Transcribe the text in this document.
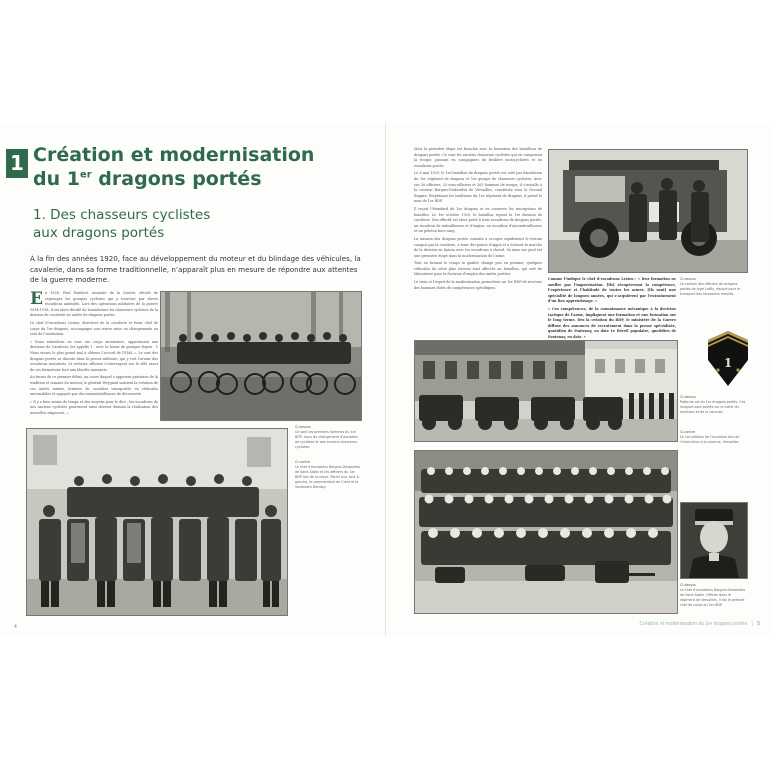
1 Création et modernisation
du 1er dragons portés
1. Des chasseurs cyclistes
aux dragons portés

À la fin des années 1920, face au développement du moteur et du blindage des véhicules, la cavalerie, dans sa forme traditionnelle, n’apparaît plus en mesure de répondre aux attentes de la guerre moderne.

En 1928, Paul Painlevé, ministre de la Guerre, décide de regrouper les groupes cyclistes qui y trouvent par divers escadrons amendés. Lors des opérations militaires de la guerre 1914-1918, il est alors décidé de transformer les chasseurs cyclistes de la division de cavalerie en unités de dragons portés.

Le chef d’escadrons Lesieu, directeur de la cavalerie et futur chef de corps du 1er dragons, accompagne son œuvre mise en changements au sein de l’institution.

« Nous entendons en tous cas corps autonomes, appartenant aux divisions de Cavalerie, les appelle 1 - avec la forme de groupes légers - 1 Nous visons le plus grand mal à obtenir l’accord de l’EMA ». Le sort des dragons portés se discute dans la presse militaire, qui y voit l’avenir des escadrons motorisés, et certains officiers s’interrogent sur le rôle exact de ces formations face aux blindés naissants.

Au terme de ce premier débat, au cours duquel s’opposent partisans de la tradition et tenants du moteur, le général Weygand soutient la création de ces unités mixtes, formées de cavaliers transportés en véhicules automobiles et appuyés par des automitrailleuses de découverte.

« Il y a bien moins de temps et des moyens pour le dire ; les escadrons de nos anciens cyclistes pourraient ainsi devenir demain la réalisation des nouvelles exigences. »

Ci-dessus
Ce sont les premiers hommes du 1er BDP, issus du changement d’escadres de cyclistes et des anciens chasseurs cyclistes.
Ci-contre
Le chef d’escadrons Borgnis-Desbordes de Saint-Sabin et les officiers du 1er BDP lors de la revue. Parmi eux, tout à gauche, le commandant de Crest et le lieutenant Dandoy.
4

Mais la première étape est franchie avec la formation des bataillons de dragons portés. Ce sont les anciens chasseurs cyclistes qui en composent la troupe, passant en compagnies de fusiliers motocyclistes et en escadrons portés.

Le 6 mai 1929, le 1er bataillon de dragons portés est créé par dissolution du 1er régiment de dragons et 1er groupe de chasseurs cyclistes. Avec ses 30 officiers, 33 sous-officiers et 363 hommes de troupe, il s’installe à la caserne Borgnis-Desbordes de Versailles, constituée sous le Second Empire. Perpétuant les traditions du 1er régiment de dragons, il prend le nom de 1er BDP.

Il reçoit l’étendard du 1er dragons et en conserve les inscriptions de batailles. Le 1er octobre 1929, le bataillon rejoint la 1re division de cavalerie. Son effectif est alors porté à trois escadrons de dragons portés, un escadron de mitrailleuses et d’engins, un escadron d’automitrailleuses et un peloton hors rang.

La mission des dragons portés consiste à occuper rapidement le terrain conquis par la cavalerie, à tenir des points d’appui et à éclairer la marche de la division en liaison avec les escadrons à cheval. Sa mise sur pied est une première étape dans la modernisation de l’arme.

Tout en brisant le temps la qualité change peu en premier, quelques véhicules de série plus récents sont affectés au bataillon, qui sert de laboratoire pour la doctrine d’emploi des unités portées.

Le tissu et l’esprit de la modernisation permettent au 1er BDP de recevoir des hommes dotés de compétences spécifiques.

Comme l’indique le chef d’escadrons Lesieu : « leur formation ne souffre pas l’improvisation. [Ils] récupéreront la compétence, l’expérience et l’habitude de toutes les armes. [Ils sont] une spécialité de longues années, qui s’acquièrent par l’entraînement d’un lien apprentissage. »

« Ces compétences, de la connaissance mécanique à la doctrine tactique de l’arme, impliquent une formation et une formation sur le long terme. Dès la création du BDP, le ministère de la Guerre diffuse des annonces de recrutement dans la presse spécialisée, quotidien de Fontenay, en date Le Réveil populaire, quotidien de Fontenay, en date. »

Ci-dessus
Le camion des officiers de dragons portés de type Laffly, équipé pour le transport des fantassins montés.
1
Ci-dessus
Patte de col du 1er dragons portés. Ces insignes sont portés sur le collet du manteau et de la vareuse.
Ci-contre
Le 1er peloton de l’escadron lors de l’instruction à la caserne, Versailles.
Ci-dessus
Le chef d’escadrons Borgnis-Desbordes de Saint-Sabin. Officier dans le régiment de Versailles, il est le premier chef de corps du 1er BDP.
Création et modernisation du 1er dragons portés | 5
